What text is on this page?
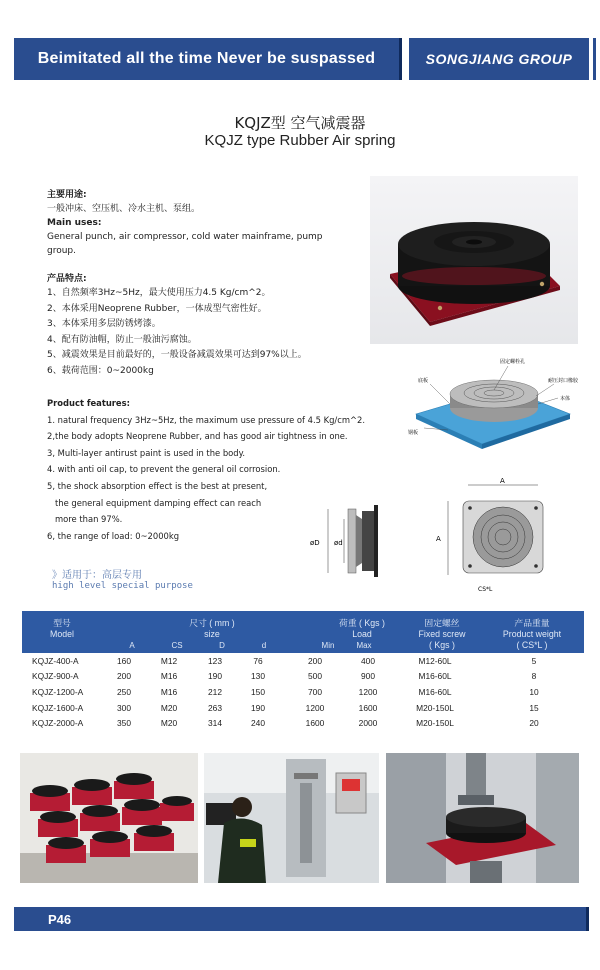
Beimitated all the time Never be suspassed	SONGJIANG GROUP
KQJZ型 空气减震器
KQJZ type Rubber Air spring
主要用途:
一般冲床、空压机、冷水主机、泵组。
Main uses:
General punch, air compressor, cold water mainframe, pump group.
产品特点:
1、自然频率3Hz~5Hz，最大使用压力4.5 Kg/cm^2。
2、本体采用Neoprene Rubber，一体成型气密性好。
3、本体采用多层防锈烤漆。
4、配有防油帽，防止一般油污腐蚀。
5、减震效果是目前最好的，一般设备减震效果可达到97%以上。
6、载荷范围：0~2000kg
Product features:
1. natural frequency 3Hz~5Hz, the maximum use pressure of 4.5 Kg/cm^2.
2,the body adopts Neoprene Rubber, and has good air tightness in one.
3, Multi-layer antirust paint is used in the body.
4. with anti oil cap, to prevent the general oil corrosion.
5, the shock absorption effect is the best at present,
the general equipment damping effect can reach
more than 97%.
6, the range of load: 0~2000kg
》适用于：高层专用
high level special purpose
固定螺栓孔
底板	耐压封口橡胶
本体
钢板
øD ød
A
A
CS*L
型号
Model
尺寸 ( mm )
size
荷重 ( Kgs )
Load
固定螺丝
Fixed screw
( Kgs )
产品重量
Product weight
( CS*L )
A	CS	D	d	Min	Max
KQJZ-400-A	160	M12	123	76	200	400	M12-60L	5
KQJZ-900-A	200	M16	190	130	500	900	M16-60L	8
KQJZ-1200-A	250	M16	212	150	700	1200	M16-60L	10
KQJZ-1600-A	300	M20	263	190	1200	1600	M20-150L	15
KQJZ-2000-A	350	M20	314	240	1600	2000	M20-150L	20
P46
